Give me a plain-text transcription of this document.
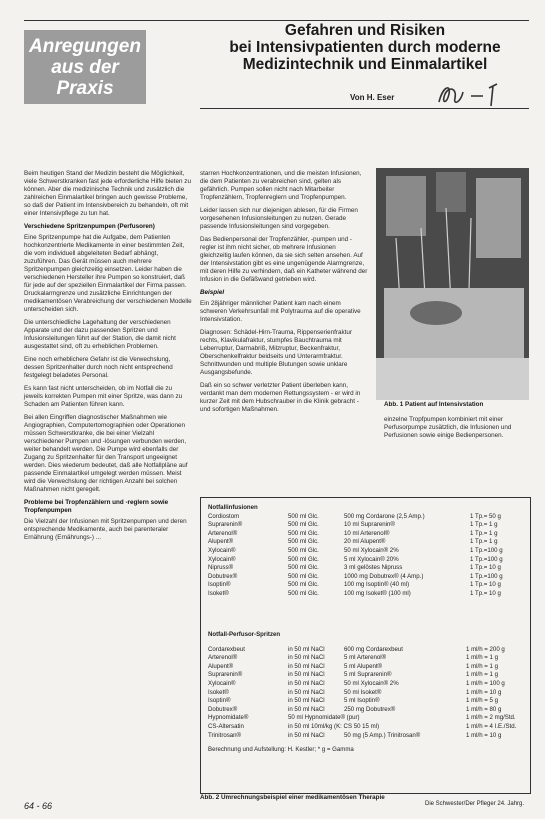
Anregungen
aus der Praxis
Gefahren und Risiken
bei Intensivpatienten durch moderne
Medizintechnik und Einmalartikel
Von H. Eser

Beim heutigen Stand der Medizin besteht die Möglichkeit, viele Schwerstkranken fast jede erforderliche Hilfe bieten zu können. Aber die medizinische Technik und zusätzlich die zahlreichen Einmalartikel bringen auch gewisse Probleme, so daß der Patient im Intensivbereich zu behandeln, oft mit einer Intensivpflege zu tun hat.

Verschiedene Spritzenpumpen (Perfusoren)

Eine Spritzenpumpe hat die Aufgabe, dem Patienten hochkonzentrierte Medikamente in einer bestimmten Zeit, die vom individuell abgeleiteten Bedarf abhängt, zuzuführen. Das Gerät müssen auch mehrere Spritzenpumpen gleichzeitig einsetzen. Leider haben die verschiedenen Hersteller ihre Pumpen so konstruiert, daß für jede auf der speziellen Einmalartikel der Firma passen. Druckalarmgrenze und zusätzliche Einrichtungen der medikamentösen Verabreichung der verschiedenen Modelle unterscheiden sich.

Die unterschiedliche Lagehaltung der verschiedenen Apparate und der dazu passenden Spritzen und Infusionsleitungen führt auf der Station, die damit nicht ausgestattet sind, oft zu erheblichen Problemen.

Eine noch erheblichere Gefahr ist die Verwechslung, dessen Spritzenhalter durch noch nicht entsprechend festgelegt beladetes Personal.

Es kann fast nicht unterscheiden, ob im Notfall die zu jeweils korrekten Pumpen mit einer Spritze, was dann zu Schaden am Patienten führen kann.

Bei allen Eingriffen diagnostischer Maßnahmen wie Angiographien, Computertomographien oder Operationen müssen Schwerstkranke, die bei einer Vielzahl verschiedener Pumpen und -lösungen verbunden werden, weiter behandelt werden. Die Pumpe wird ebenfalls der Zugang zu Spritzenhalter für den Transport ungeeignet werden. Dies wiederum bedeutet, daß alle Notfallpläne auf passende Einmalartikel umgelegt werden müssen. Meist wird die Verwechslung der richtigen Anzahl bei solchen Maßnahmen nicht geregelt.

Probleme bei Tropfenzählern und -reglern sowie Tropfenpumpen

Die Vielzahl der Infusionen mit Spritzenpumpen und deren entsprechende Medikamente, auch bei parenteraler Ernährung (Ernährungs-) ...

starren Hochkonzentrationen, und die meisten Infusionen, die dem Patienten zu verabreichen sind, gelten als gefährlich. Pumpen sollen nicht nach Mitarbeiter Tropfenzählern, Tropfenreglern und Tropfenpumpen.

Leider lassen sich nur diejenigen ablesen, für die Firmen vorgesehenen Infusionsleitungen zu nutzen. Gerade passende Infusionsleitungen sind vorgegeben.

Das Bedienpersonal der Tropfenzähler, -pumpen und -regler ist ihm nicht sicher, ob mehrere Infusionen gleichzeitig laufen können, da sie sich selten ansehen. Auf der Intensivstation gibt es eine ungenügende Alarmgrenze, mit deren Hilfe zu verhindern, daß ein Katheter während der Infusion in die Gefäßwand getrieben wird.

Beispiel

Ein 28jähriger männlicher Patient kam nach einem schweren Verkehrsunfall mit Polytrauma auf die operative Intensivstation.

Diagnosen: Schädel-Hirn-Trauma, Rippenserienfraktur rechts, Klavikulafraktur, stumpfes Bauchtrauma mit Leberruptur, Darmabriß, Milzruptur, Beckenfraktur, Oberschenkelfraktur beidseits und Unterarmfraktur. Schnittwunden und multiple Blutungen sowie unklare Ausgangsbefunde.

Daß ein so schwer verletzter Patient überleben kann, verdankt man dem modernen Rettungssystem - er wird in kurzer Zeit mit dem Hubschrauber in die Klinik gebracht - und sofortigen Maßnahmen.

Abb. 1 Patient auf Intensivstation

einzelne Tropfpumpen kombiniert mit einer Perfusorpumpe zusätzlich, die Infusionen und Perfusionen sowie einige Bedienpersonen.

Notfallinfusionen
Cordiostom	500 ml Glc.	500 mg Cordarone (2,5 Amp.)	1 Tp.= 50 g
Suprarenin®	500 ml Glc.	10 ml Suprarenin®	1 Tp.= 1 g
Arterenol®	500 ml Glc.	10 ml Arterenol®	1 Tp.= 1 g
Alupent®	500 ml Glc.	20 ml Alupent®	1 Tp.= 1 g
Xylocain®	500 ml Glc.	50 ml Xylocain® 2%	1 Tp.=100 g
Xylocain®	500 ml Glc.	5 ml Xylocain® 20%	1 Tp.=100 g
Nipruss®	500 ml Glc.	3 ml gelöstes Nipruss	1 Tp.= 10 g
Dobutrex®	500 ml Glc.	1000 mg Dobutrex® (4 Amp.)	1 Tp.=100 g
Isoptin®	500 ml Glc.	100 mg Isoptin® (40 ml)	1 Tp.= 10 g
Isoket®	500 ml Glc.	100 mg Isoket® (100 ml)	1 Tp.= 10 g
Notfall-Perfusor-Spritzen
Cordarexbeut	in 50 ml NaCl	600 mg Cordarexbeut	1 ml/h = 200 g
Arterenol®	in 50 ml NaCl	5 ml Arterenol®	1 ml/h = 1 g
Alupent®	in 50 ml NaCl	5 ml Alupent®	1 ml/h = 1 g
Suprarenin®	in 50 ml NaCl	5 ml Suprarenin®	1 ml/h = 1 g
Xylocain®	in 50 ml NaCl	50 ml Xylocain® 2%	1 ml/h = 100 g
Isoket®	in 50 ml NaCl	50 ml Isoket®	1 ml/h = 10 g
Isoptin®	in 50 ml NaCl	5 ml Isoptin®	1 ml/h = 5 g
Dobutrex®	in 50 ml NaCl	250 mg Dobutrex®	1 ml/h = 80 g
Hypnomidate®	50 ml Hypnomidate® (pur)	1 ml/h = 2 mg/Std.
CS-Altersatin	in 50 ml 10ml/kg (K: CS 50 15 ml)	1 ml/h = 4 I.E./Std.
Trinitrosan®	in 50 ml NaCl	50 mg (5 Amp.) Trinitrosan®	1 ml/h = 10 g
Berechnung und Aufstellung: H. Kestler; * g = Gamma
Abb. 2 Umrechnungsbeispiel einer medikamentösen Therapie
64 - 66	Die Schwester/Der Pfleger 24. Jahrg.
